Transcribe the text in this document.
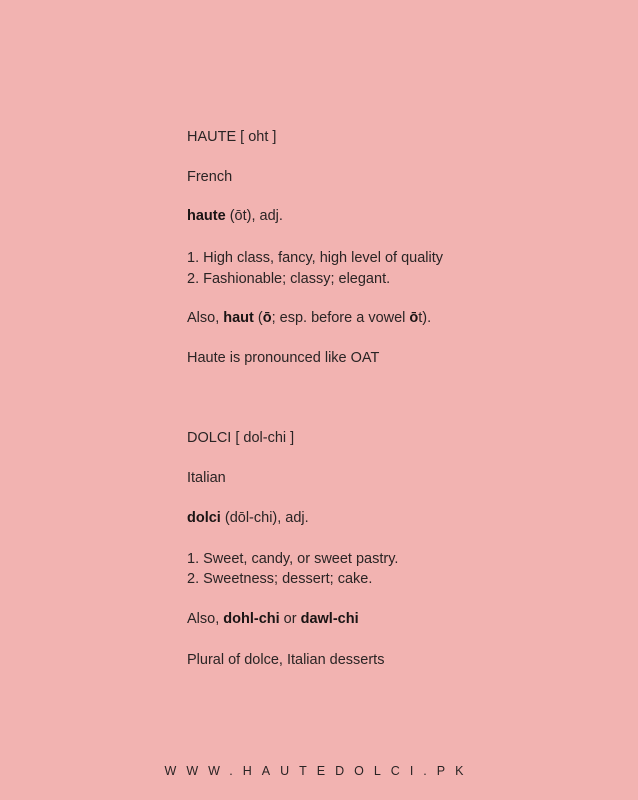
HAUTE [ oht ]
French
haute (ōt), adj.
1. High class, fancy, high level of quality
2. Fashionable; classy; elegant.
Also, haut (ō; esp. before a vowel ōt).
Haute is pronounced like OAT
DOLCI [ dol-chi ]
Italian
dolci (dōl-chi), adj.
1. Sweet, candy, or sweet pastry.
2. Sweetness; dessert; cake.
Also, dohl-chi or dawl-chi
Plural of dolce, Italian desserts
WWW.HAUTEDOLCI.PK
